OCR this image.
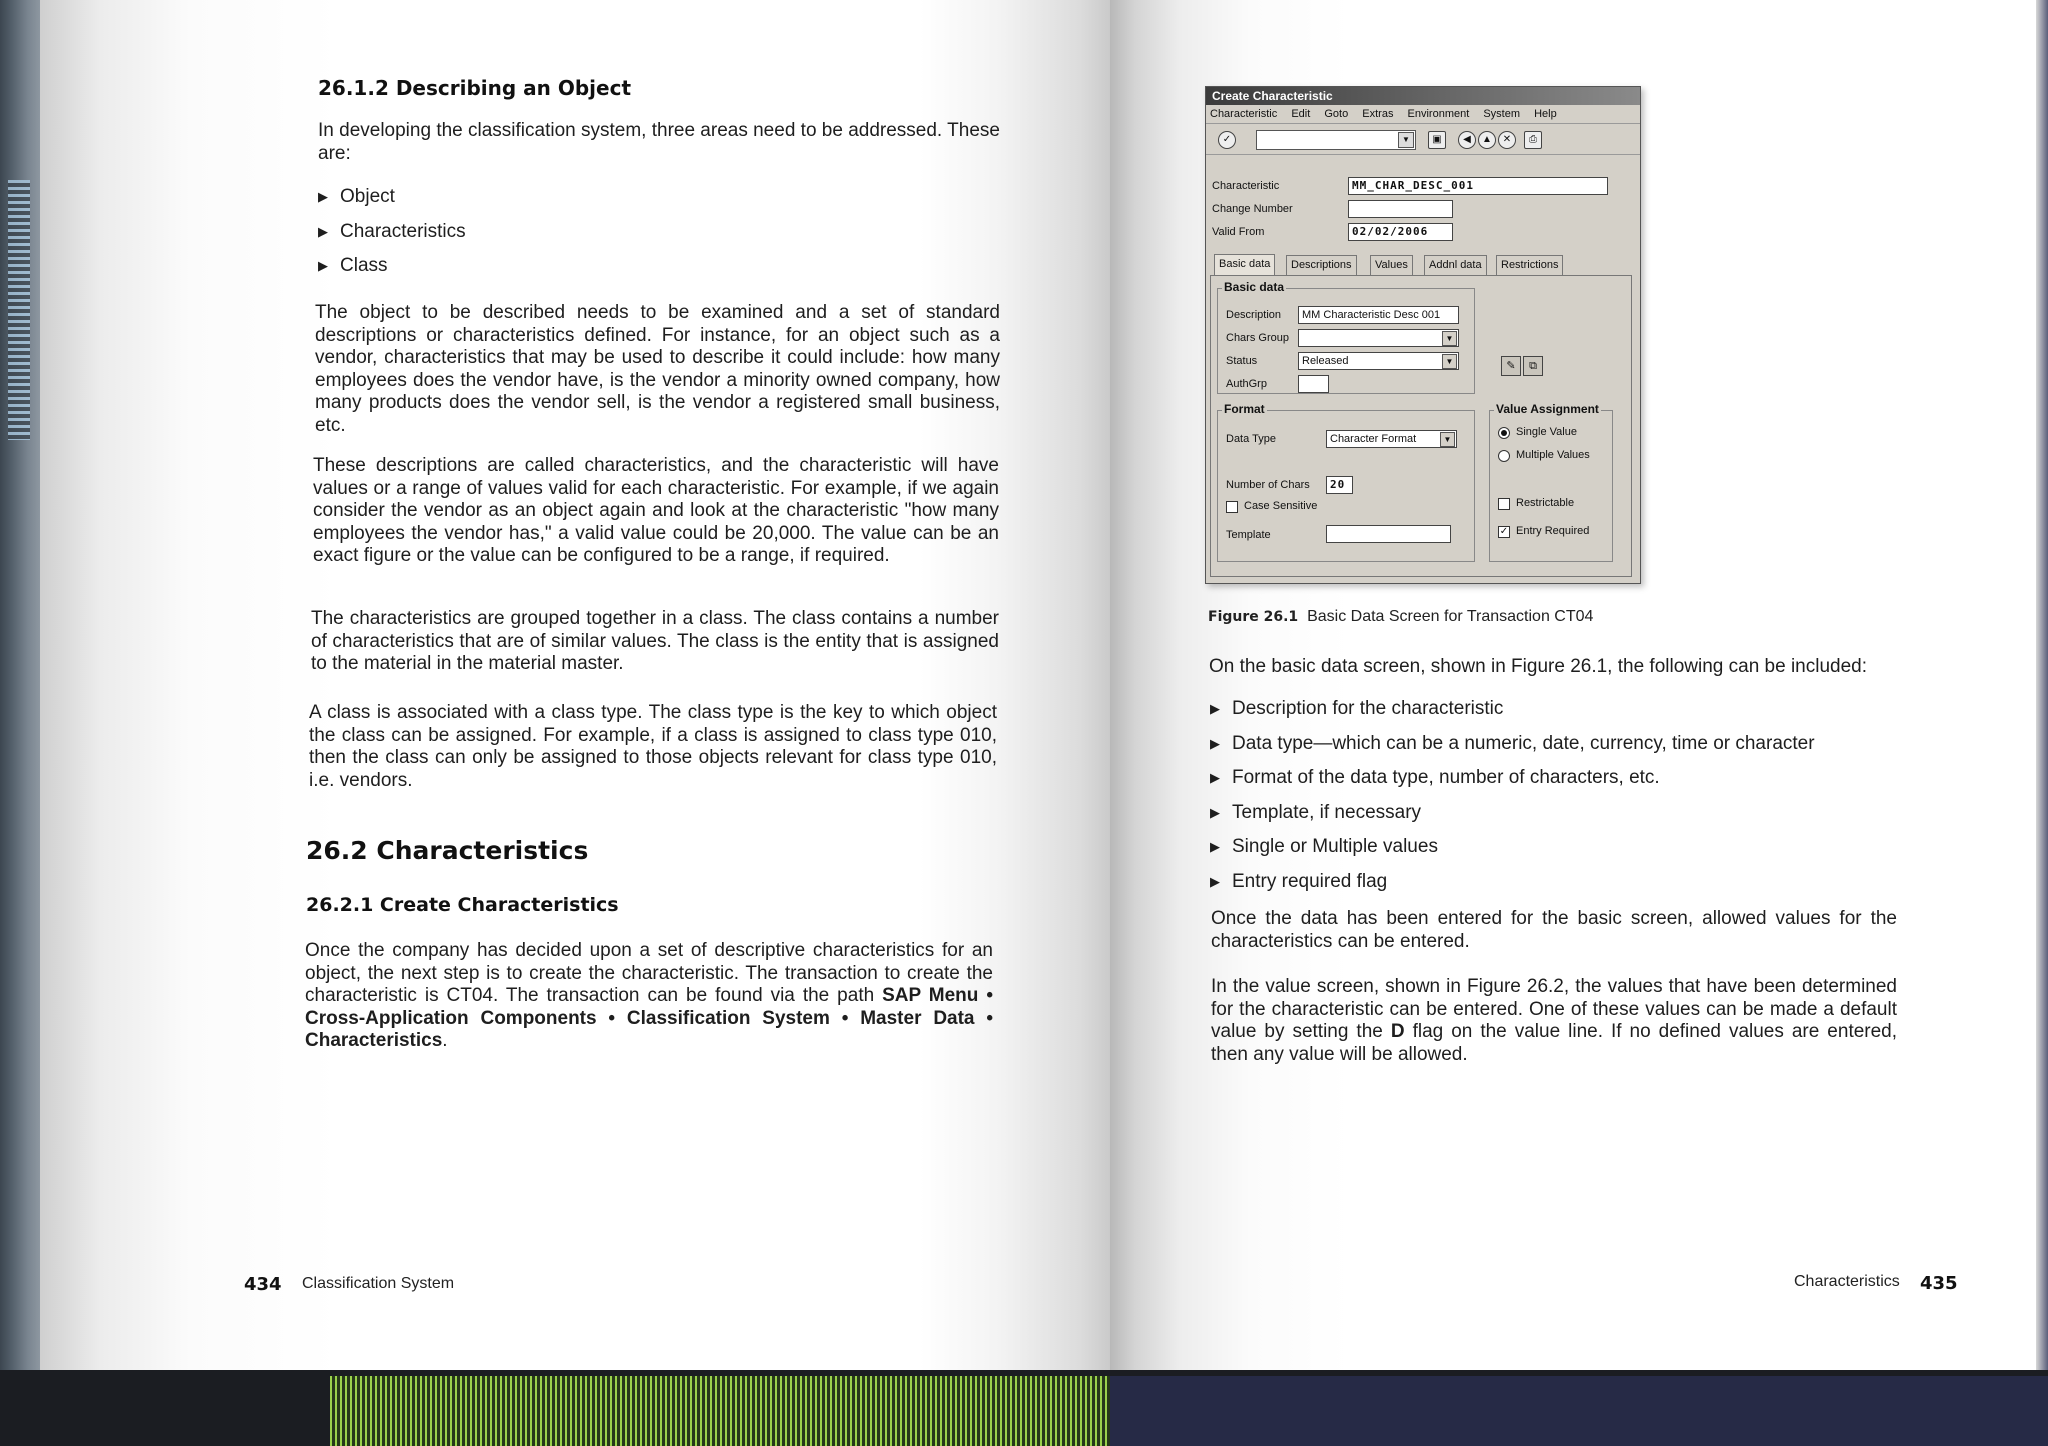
26.1.2 Describing an Object
In developing the classification system, three areas need to be addressed. These are:
▶ Object
▶ Characteristics
▶ Class
The object to be described needs to be examined and a set of standard descriptions or characteristics defined. For instance, for an object such as a vendor, characteristics that may be used to describe it could include: how many employees does the vendor have, is the vendor a minority owned company, how many products does the vendor sell, is the vendor a registered small business, etc.
These descriptions are called characteristics, and the characteristic will have values or a range of values valid for each characteristic. For example, if we again consider the vendor as an object again and look at the characteristic "how many employees the vendor has," a valid value could be 20,000. The value can be an exact figure or the value can be configured to be a range, if required.
The characteristics are grouped together in a class. The class contains a number of characteristics that are of similar values. The class is the entity that is assigned to the material in the material master.
A class is associated with a class type. The class type is the key to which object the class can be assigned. For example, if a class is assigned to class type 010, then the class can only be assigned to those objects relevant for class type 010, i.e. vendors.
26.2 Characteristics
26.2.1 Create Characteristics
Once the company has decided upon a set of descriptive characteristics for an object, the next step is to create the characteristic. The transaction to create the characteristic is CT04. The transaction can be found via the path SAP Menu • Cross-Application Components • Classification System • Master Data • Characteristics.
434 Classification System
Create Characteristic
Characteristic Edit Goto Extras Environment System Help
✓	▼	▣	◀	▲	✕	⎙
Characteristic	MM_CHAR_DESC_001
Change Number
Valid From	02/02/2006
Basic data	Descriptions	Values	Addnl data	Restrictions
Basic data
Description	MM Characteristic Desc 001
Chars Group	▼
Status	Released	▼
AuthGrp
✎	⧉
Format
Data Type	Character Format	▼
Number of Chars	20
Case Sensitive
Template
Value Assignment
Single Value
Multiple Values
Restrictable
✓ Entry Required
Figure 26.1 Basic Data Screen for Transaction CT04
On the basic data screen, shown in Figure 26.1, the following can be included:
▶ Description for the characteristic
▶ Data type—which can be a numeric, date, currency, time or character
▶ Format of the data type, number of characters, etc.
▶ Template, if necessary
▶ Single or Multiple values
▶ Entry required flag
Once the data has been entered for the basic screen, allowed values for the characteristics can be entered.
In the value screen, shown in Figure 26.2, the values that have been determined for the characteristic can be entered. One of these values can be made a default value by setting the D flag on the value line. If no defined values are entered, then any value will be allowed.
Characteristics 435
